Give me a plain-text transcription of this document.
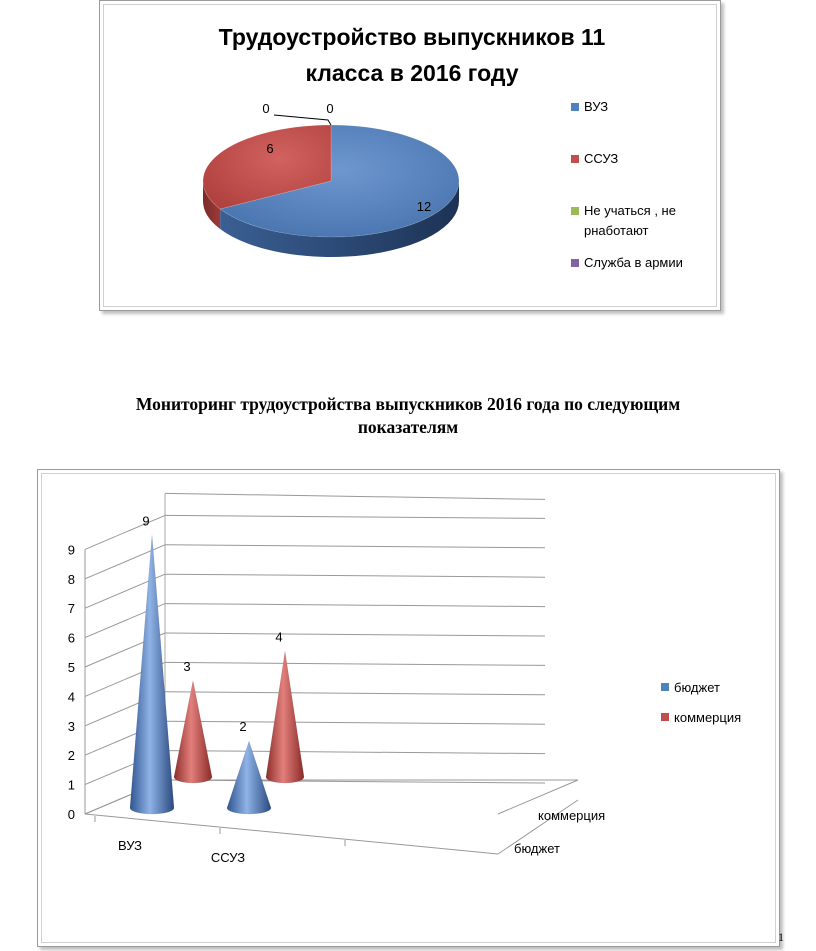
Трудоустройство выпускников 11
класса в 2016 году
12
6
0	0	ВУЗ
ССУЗ
Не учаться , не
рнаботают
Служба в армии
Мониторинг трудоустройства выпускников 2016 года по следующим
показателям
0
1
2
3
4
5
6
7
8
9
ВУЗ
ССУЗ
коммерция
бюджет
3
4
9
2
бюджет
коммерция
1
